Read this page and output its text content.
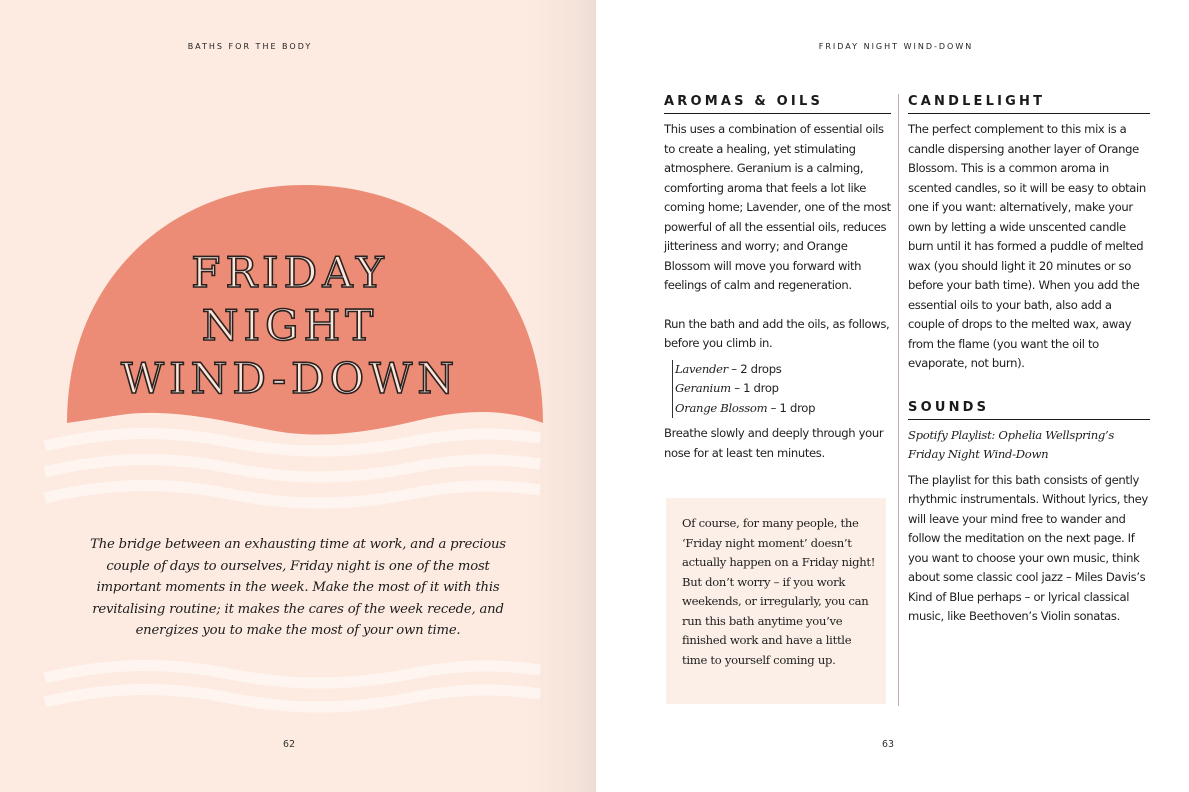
BATHS FOR THE BODY
FRIDAY
NIGHT
WIND-DOWN
The bridge between an exhausting time at work, and a precious couple of days to ourselves, Friday night is one of the most important moments in the week. Make the most of it with this revitalising routine; it makes the cares of the week recede, and energizes you to make the most of your own time.
62
FRIDAY NIGHT WIND-DOWN
63
AROMAS & OILS

This uses a combination of essential oils to create a healing, yet stimulating atmosphere. Geranium is a calming, comforting aroma that feels a lot like coming home; Lavender, one of the most powerful of all the essential oils, reduces jitteriness and worry; and Orange Blossom will move you forward with feelings of calm and regeneration.

Run the bath and add the oils, as follows, before you climb in.

Lavender – 2 drops
Geranium – 1 drop
Orange Blossom – 1 drop

Breathe slowly and deeply through your nose for at least ten minutes.

Of course, for many people, the ‘Friday night moment’ doesn’t actually happen on a Friday night! But don’t worry – if you work weekends, or irregularly, you can run this bath anytime you’ve finished work and have a little time to yourself coming up.
CANDLELIGHT

The perfect complement to this mix is a candle dispersing another layer of Orange Blossom. This is a common aroma in scented candles, so it will be easy to obtain one if you want: alternatively, make your own by letting a wide unscented candle burn until it has formed a puddle of melted wax (you should light it 20 minutes or so before your bath time). When you add the essential oils to your bath, also add a couple of drops to the melted wax, away from the flame (you want the oil to evaporate, not burn).

SOUNDS
Spotify Playlist: Ophelia Wellspring’s Friday Night Wind-Down

The playlist for this bath consists of gently rhythmic instrumentals. Without lyrics, they will leave your mind free to wander and follow the meditation on the next page. If you want to choose your own music, think about some classic cool jazz – Miles Davis’s Kind of Blue perhaps – or lyrical classical music, like Beethoven’s Violin sonatas.
